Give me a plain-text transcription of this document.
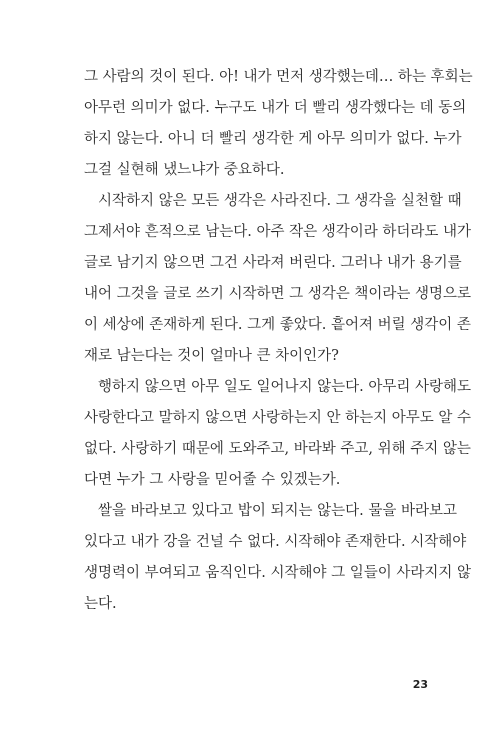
그 사람의 것이 된다. 아! 내가 먼저 생각했는데… 하는 후회는
아무런 의미가 없다. 누구도 내가 더 빨리 생각했다는 데 동의
하지 않는다. 아니 더 빨리 생각한 게 아무 의미가 없다. 누가
그걸 실현해 냈느냐가 중요하다.
시작하지 않은 모든 생각은 사라진다. 그 생각을 실천할 때
그제서야 흔적으로 남는다. 아주 작은 생각이라 하더라도 내가
글로 남기지 않으면 그건 사라져 버린다. 그러나 내가 용기를
내어 그것을 글로 쓰기 시작하면 그 생각은 책이라는 생명으로
이 세상에 존재하게 된다. 그게 좋았다. 흩어져 버릴 생각이 존
재로 남는다는 것이 얼마나 큰 차이인가?
행하지 않으면 아무 일도 일어나지 않는다. 아무리 사랑해도
사랑한다고 말하지 않으면 사랑하는지 안 하는지 아무도 알 수
없다. 사랑하기 때문에 도와주고, 바라봐 주고, 위해 주지 않는
다면 누가 그 사랑을 믿어줄 수 있겠는가.
쌀을 바라보고 있다고 밥이 되지는 않는다. 물을 바라보고
있다고 내가 강을 건널 수 없다. 시작해야 존재한다. 시작해야
생명력이 부여되고 움직인다. 시작해야 그 일들이 사라지지 않
는다.
23
